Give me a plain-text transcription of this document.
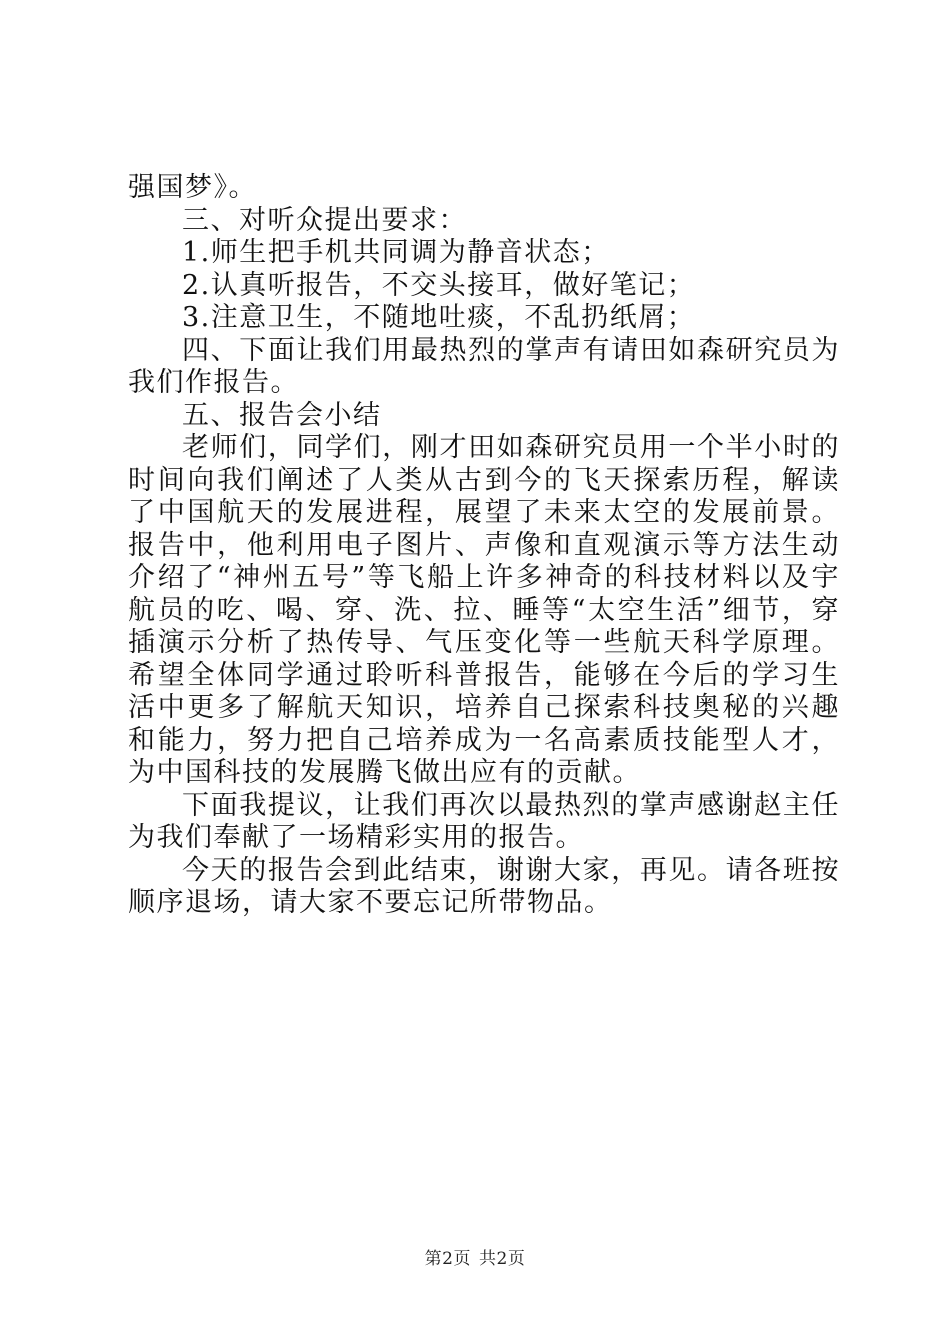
强国梦》。

三、对听众提出要求：

1.师生把手机共同调为静音状态；

2.认真听报告，不交头接耳，做好笔记；

3.注意卫生，不随地吐痰，不乱扔纸屑；

四、下面让我们用最热烈的掌声有请田如森研究员为我们作报告。

五、报告会小结

老师们，同学们，刚才田如森研究员用一个半小时的时间向我们阐述了人类从古到今的飞天探索历程，解读了中国航天的发展进程，展望了未来太空的发展前景。报告中，他利用电子图片、声像和直观演示等方法生动介绍了“神州五号”等飞船上许多神奇的科技材料以及宇航员的吃、喝、穿、洗、拉、睡等“太空生活”细节，穿插演示分析了热传导、气压变化等一些航天科学原理。希望全体同学通过聆听科普报告，能够在今后的学习生活中更多了解航天知识，培养自己探索科技奥秘的兴趣和能力，努力把自己培养成为一名高素质技能型人才，为中国科技的发展腾飞做出应有的贡献。

下面我提议，让我们再次以最热烈的掌声感谢赵主任为我们奉献了一场精彩实用的报告。

今天的报告会到此结束，谢谢大家，再见。请各班按顺序退场，请大家不要忘记所带物品。

第2页 共2页
